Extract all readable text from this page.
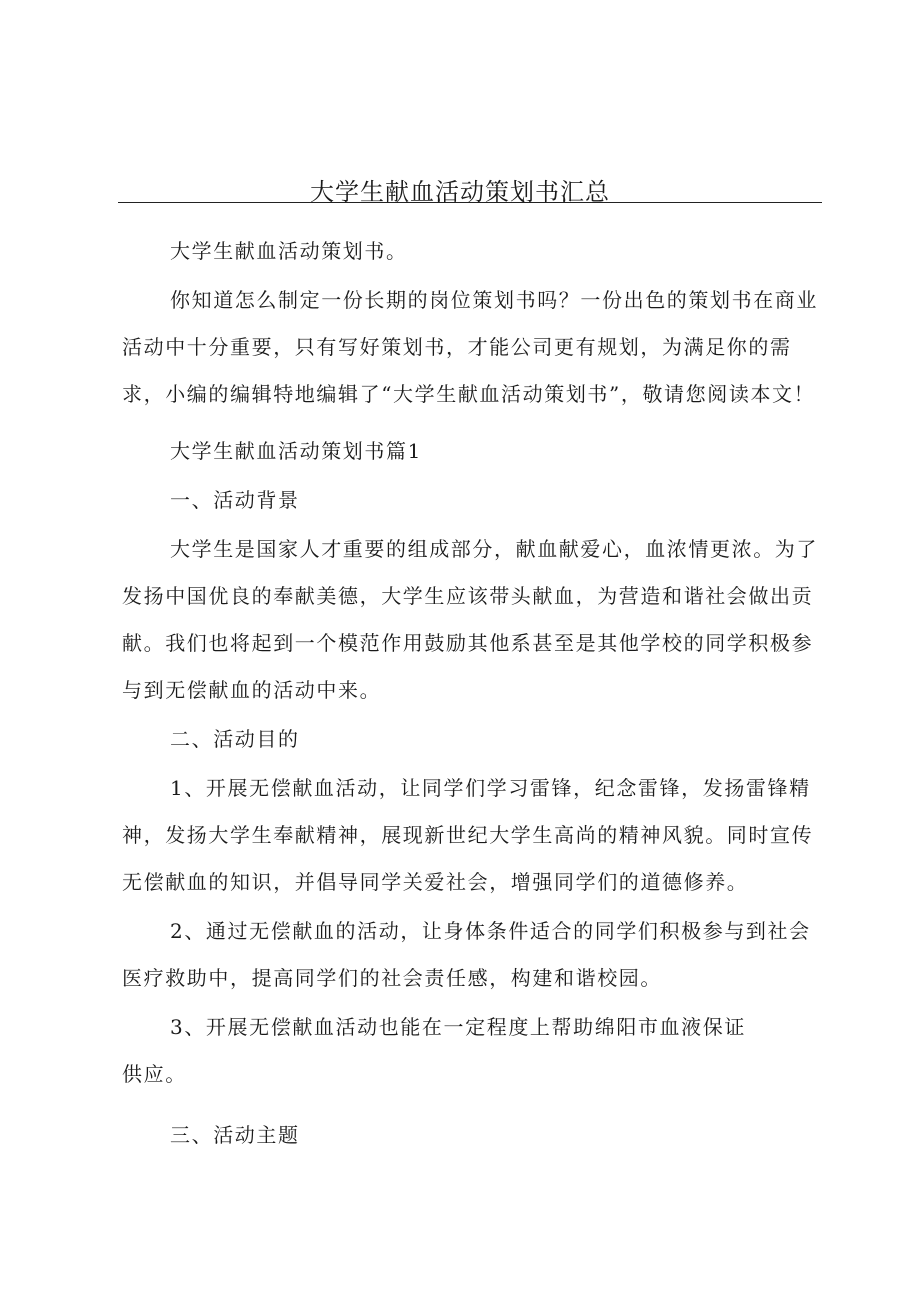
大学生献血活动策划书汇总

大学生献血活动策划书。

你知道怎么制定一份长期的岗位策划书吗？一份出色的策划书在商业活动中十分重要，只有写好策划书，才能公司更有规划，为满足你的需求，小编的编辑特地编辑了“大学生献血活动策划书”，敬请您阅读本文！

大学生献血活动策划书篇1

一、活动背景

大学生是国家人才重要的组成部分，献血献爱心，血浓情更浓。为了发扬中国优良的奉献美德，大学生应该带头献血，为营造和谐社会做出贡献。我们也将起到一个模范作用鼓励其他系甚至是其他学校的同学积极参与到无偿献血的活动中来。

二、活动目的

1、开展无偿献血活动，让同学们学习雷锋，纪念雷锋，发扬雷锋精神，发扬大学生奉献精神，展现新世纪大学生高尚的精神风貌。同时宣传无偿献血的知识，并倡导同学关爱社会，增强同学们的道德修养。

2、通过无偿献血的活动，让身体条件适合的同学们积极参与到社会医疗救助中，提高同学们的社会责任感，构建和谐校园。

3、开展无偿献血活动也能在一定程度上帮助绵阳市血液保证

供应。

三、活动主题
